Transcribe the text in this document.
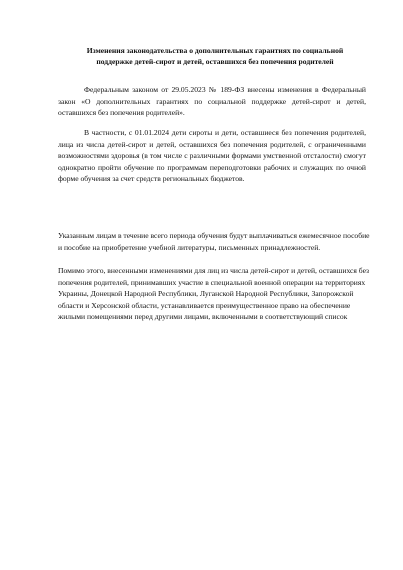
Изменения законодательства о дополнительных гарантиях по социальной поддержке детей-сирот и детей, оставшихся без попечения родителей

Федеральным законом от 29.05.2023 № 189-ФЗ внесены изменения в Федеральный закон «О дополнительных гарантиях по социальной поддержке детей-сирот и детей, оставшихся без попечения родителей».

В частности, с 01.01.2024 дети сироты и дети, оставшиеся без попечения родителей, лица из числа детей-сирот и детей, оставшихся без попечения родителей, с ограниченными возможностями здоровья (в том числе с различными формами умственной отсталости) смогут однократно пройти обучение по программам переподготовки рабочих и служащих по очной форме обучения за счет средств региональных бюджетов.

Указанным лицам в течение всего периода обучения будут выплачиваться ежемесячное пособие и пособие на приобретение учебной литературы, письменных принадлежностей.

Помимо этого, внесенными изменениями для лиц из числа детей-сирот и детей, оставшихся без попечения родителей, принимавших участие в специальной военной операции на территориях Украины, Донецкой Народной Республики, Луганской Народной Республики, Запорожской области и Херсонской области, устанавливается преимущественное право на обеспечение жилыми помещениями перед другими лицами, включенными в соответствующий список
